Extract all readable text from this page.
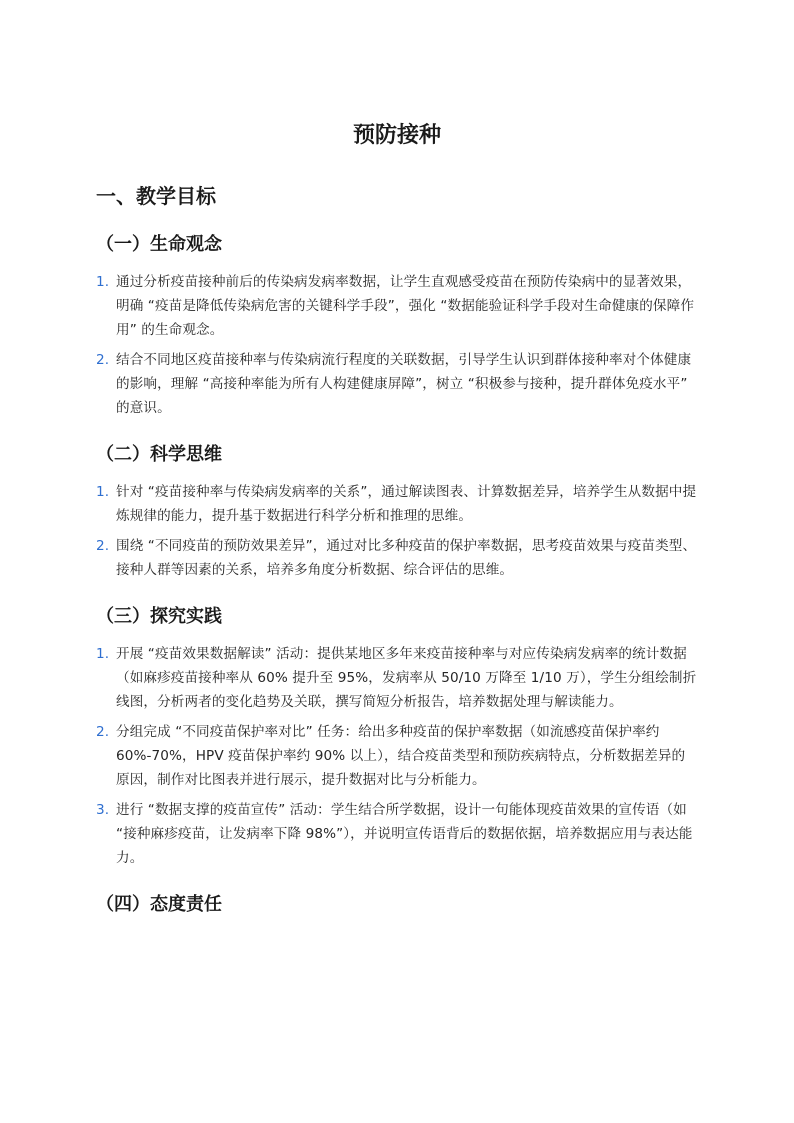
预防接种
一、教学目标
（一）生命观念
1. 通过分析疫苗接种前后的传染病发病率数据，让学生直观感受疫苗在预防传染病中的显著效果，明确 “疫苗是降低传染病危害的关键科学手段”，强化 “数据能验证科学手段对生命健康的保障作用” 的生命观念。
2. 结合不同地区疫苗接种率与传染病流行程度的关联数据，引导学生认识到群体接种率对个体健康的影响，理解 “高接种率能为所有人构建健康屏障”，树立 “积极参与接种，提升群体免疫水平” 的意识。
（二）科学思维
1. 针对 “疫苗接种率与传染病发病率的关系”，通过解读图表、计算数据差异，培养学生从数据中提炼规律的能力，提升基于数据进行科学分析和推理的思维。
2. 围绕 “不同疫苗的预防效果差异”，通过对比多种疫苗的保护率数据，思考疫苗效果与疫苗类型、接种人群等因素的关系，培养多角度分析数据、综合评估的思维。
（三）探究实践
1. 开展 “疫苗效果数据解读” 活动：提供某地区多年来疫苗接种率与对应传染病发病率的统计数据（如麻疹疫苗接种率从 60% 提升至 95%，发病率从 50/10 万降至 1/10 万），学生分组绘制折线图，分析两者的变化趋势及关联，撰写简短分析报告，培养数据处理与解读能力。
2. 分组完成 “不同疫苗保护率对比” 任务：给出多种疫苗的保护率数据（如流感疫苗保护率约 60%-70%，HPV 疫苗保护率约 90% 以上），结合疫苗类型和预防疾病特点，分析数据差异的原因，制作对比图表并进行展示，提升数据对比与分析能力。
3. 进行 “数据支撑的疫苗宣传” 活动：学生结合所学数据，设计一句能体现疫苗效果的宣传语（如 “接种麻疹疫苗，让发病率下降 98%”），并说明宣传语背后的数据依据，培养数据应用与表达能力。
（四）态度责任
